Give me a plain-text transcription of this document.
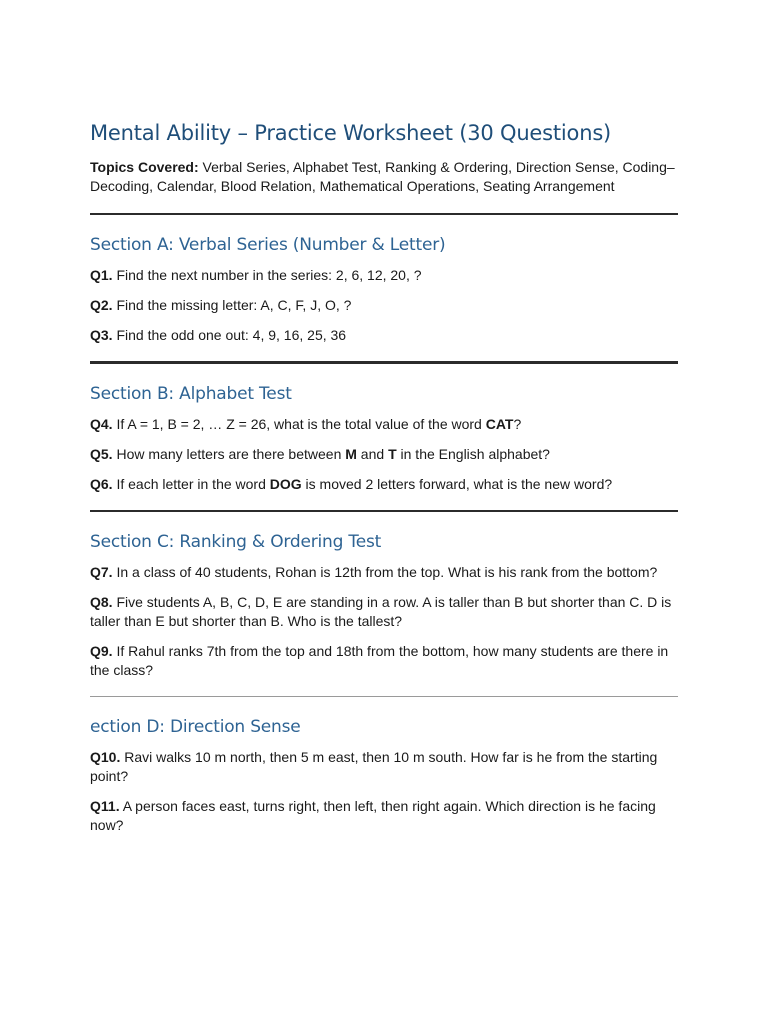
Mental Ability – Practice Worksheet (30 Questions)

Topics Covered: Verbal Series, Alphabet Test, Ranking & Ordering, Direction Sense, Coding–Decoding, Calendar, Blood Relation, Mathematical Operations, Seating Arrangement

Section A: Verbal Series (Number & Letter)

Q1. Find the next number in the series: 2, 6, 12, 20, ?

Q2. Find the missing letter: A, C, F, J, O, ?

Q3. Find the odd one out: 4, 9, 16, 25, 36

Section B: Alphabet Test

Q4. If A = 1, B = 2, … Z = 26, what is the total value of the word CAT?

Q5. How many letters are there between M and T in the English alphabet?

Q6. If each letter in the word DOG is moved 2 letters forward, what is the new word?

Section C: Ranking & Ordering Test

Q7. In a class of 40 students, Rohan is 12th from the top. What is his rank from the bottom?

Q8. Five students A, B, C, D, E are standing in a row. A is taller than B but shorter than C. D is taller than E but shorter than B. Who is the tallest?

Q9. If Rahul ranks 7th from the top and 18th from the bottom, how many students are there in the class?

ection D: Direction Sense

Q10. Ravi walks 10 m north, then 5 m east, then 10 m south. How far is he from the starting point?

Q11. A person faces east, turns right, then left, then right again. Which direction is he facing now?
